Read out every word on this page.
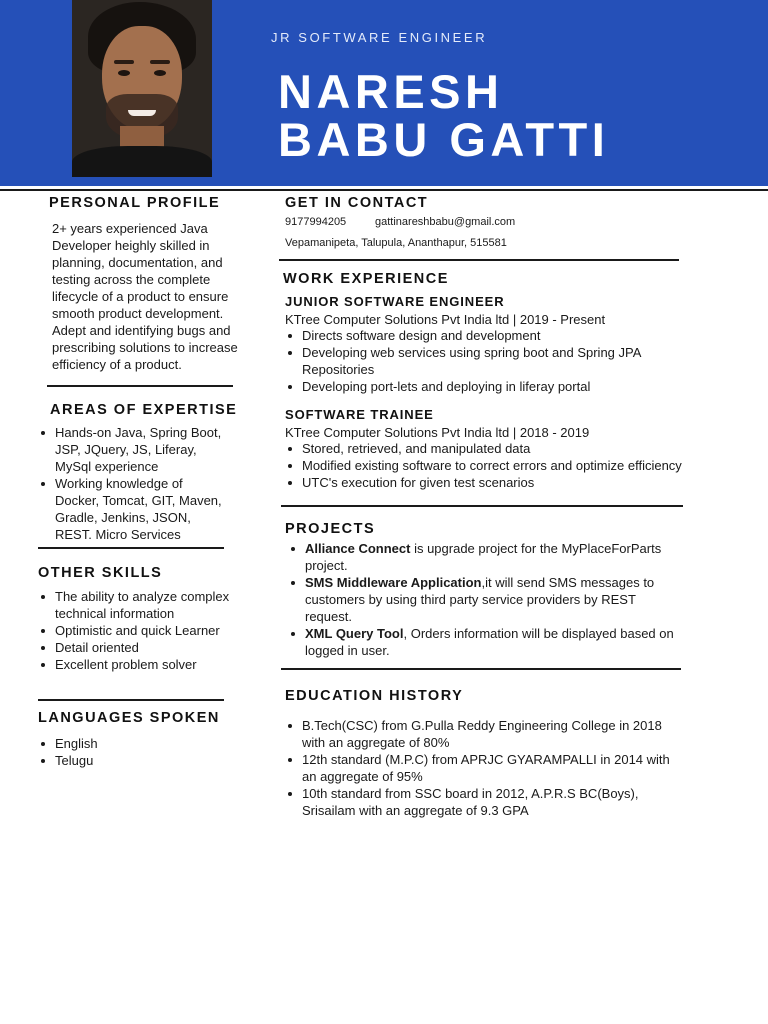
JR SOFTWARE ENGINEER
NARESH
BABU GATTI
PERSONAL PROFILE
2+ years experienced Java Developer heighly skilled in planning, documentation, and testing across the complete lifecycle of a product to ensure smooth product development. Adept and identifying bugs and prescribing solutions to increase efficiency of a product.
AREAS OF EXPERTISE
Hands-on Java, Spring Boot, JSP, JQuery, JS, Liferay, MySql experience
Working knowledge of Docker, Tomcat, GIT, Maven, Gradle, Jenkins, JSON, REST. Micro Services
OTHER SKILLS
The ability to analyze complex technical information
Optimistic and quick Learner
Detail oriented
Excellent problem solver
LANGUAGES SPOKEN
English
Telugu
GET IN CONTACT
9177994205	gattinareshbabu@gmail.com
Vepamanipeta, Talupula, Ananthapur, 515581
WORK EXPERIENCE
JUNIOR SOFTWARE ENGINEER
KTree Computer Solutions Pvt India ltd | 2019 - Present
Directs software design and development
Developing web services using spring boot and Spring JPA Repositories
Developing port-lets and deploying in liferay portal
SOFTWARE TRAINEE
KTree Computer Solutions Pvt India ltd | 2018 - 2019
Stored, retrieved, and manipulated data
Modified existing software to correct errors and optimize efficiency
UTC's execution for given test scenarios
PROJECTS
Alliance Connect is upgrade project for the MyPlaceForParts project.
SMS Middleware Application,it will send SMS messages to customers by using third party service providers by REST request.
XML Query Tool, Orders information will be displayed based on logged in user.
EDUCATION HISTORY
B.Tech(CSC) from G.Pulla Reddy Engineering College in 2018 with an aggregate of 80%
12th standard (M.P.C) from APRJC GYARAMPALLI in 2014 with an aggregate of 95%
10th standard from SSC board in 2012, A.P.R.S BC(Boys), Srisailam with an aggregate of 9.3 GPA
